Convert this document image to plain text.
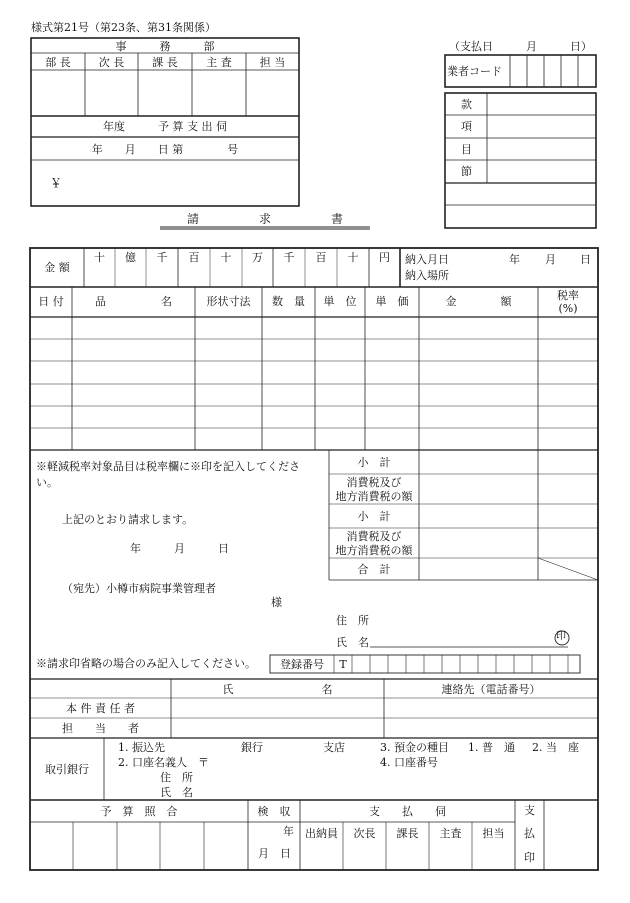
様式第21号（第23条、第31条関係）
事　　　務　　　部
部 長	次 長	課 長	主 査	担 当
年度　　　予 算 支 出 伺
年　　月　　日 第　　　　号
￥
請　　　　　求　　　　　書
（支払日　　　月　　　日）
業者コード
款
項
目
節
金 額
十	億	千	百	十	万	千	百	十	円	納入月日	年 月 日
納入場所
日 付	品　　　　　名	形状寸法	数　量	単　位	単　価	金　　　　額	税率
(%)
※軽減税率対象品目は税率欄に※印を記入してくださ
い。
上記のとおり請求します。
年　　　月　　　日
（宛先）小樽市病院事業管理者
様
住　所
氏　名	印
※請求印省略の場合のみ記入してください。	登録番号	T
小　計
消費税及び
地方消費税の額
小　計
消費税及び
地方消費税の額
合　計
氏　　　　　　　　名	連絡先（電話番号）
本 件 責 任 者
担　　当　　者
取引銀行
1. 振込先	銀行	支店
2. 口座名義人　〒
住　所
氏　名
3. 預金の種目 1. 普　通 2. 当　座
4. 口座番号
予　算　照　合	検　収
年
月　日
支　　払　　伺
出納員	次長	課長	主査	担当
支
払
印
